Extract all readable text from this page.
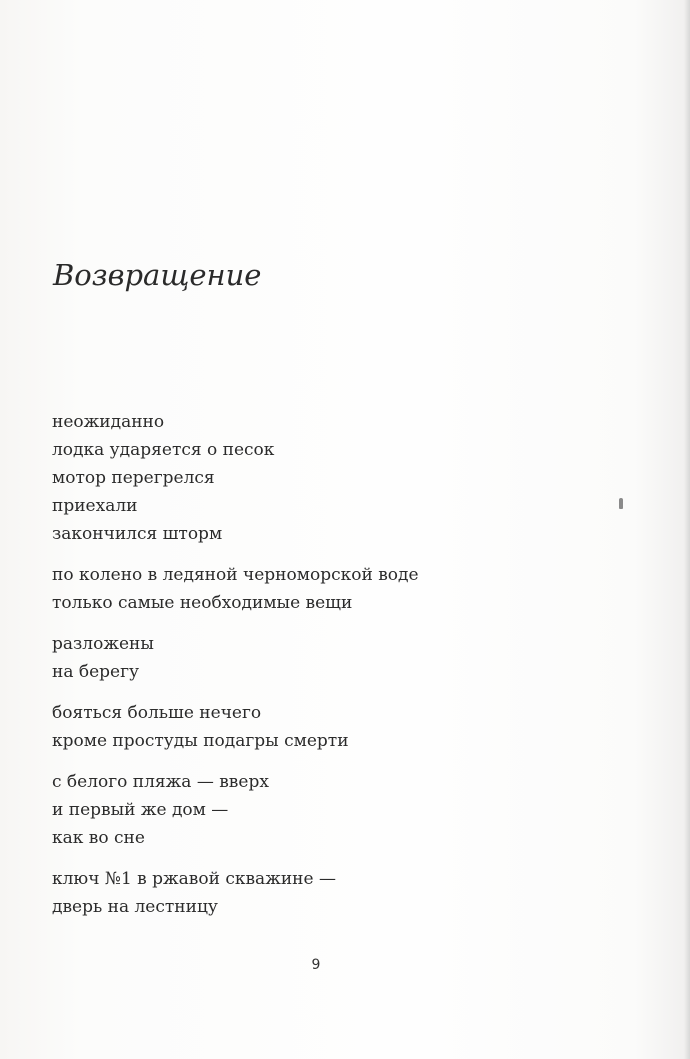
Возвращение
неожиданно
лодка ударяется о песок
мотор перегрелся
приехали
закончился шторм
по колено в ледяной черноморской воде
только самые необходимые вещи
разложены
на берегу
бояться больше нечего
кроме простуды подагры смерти
с белого пляжа — вверх
и первый же дом —
как во сне
ключ №1 в ржавой скважине —
дверь на лестницу
9
